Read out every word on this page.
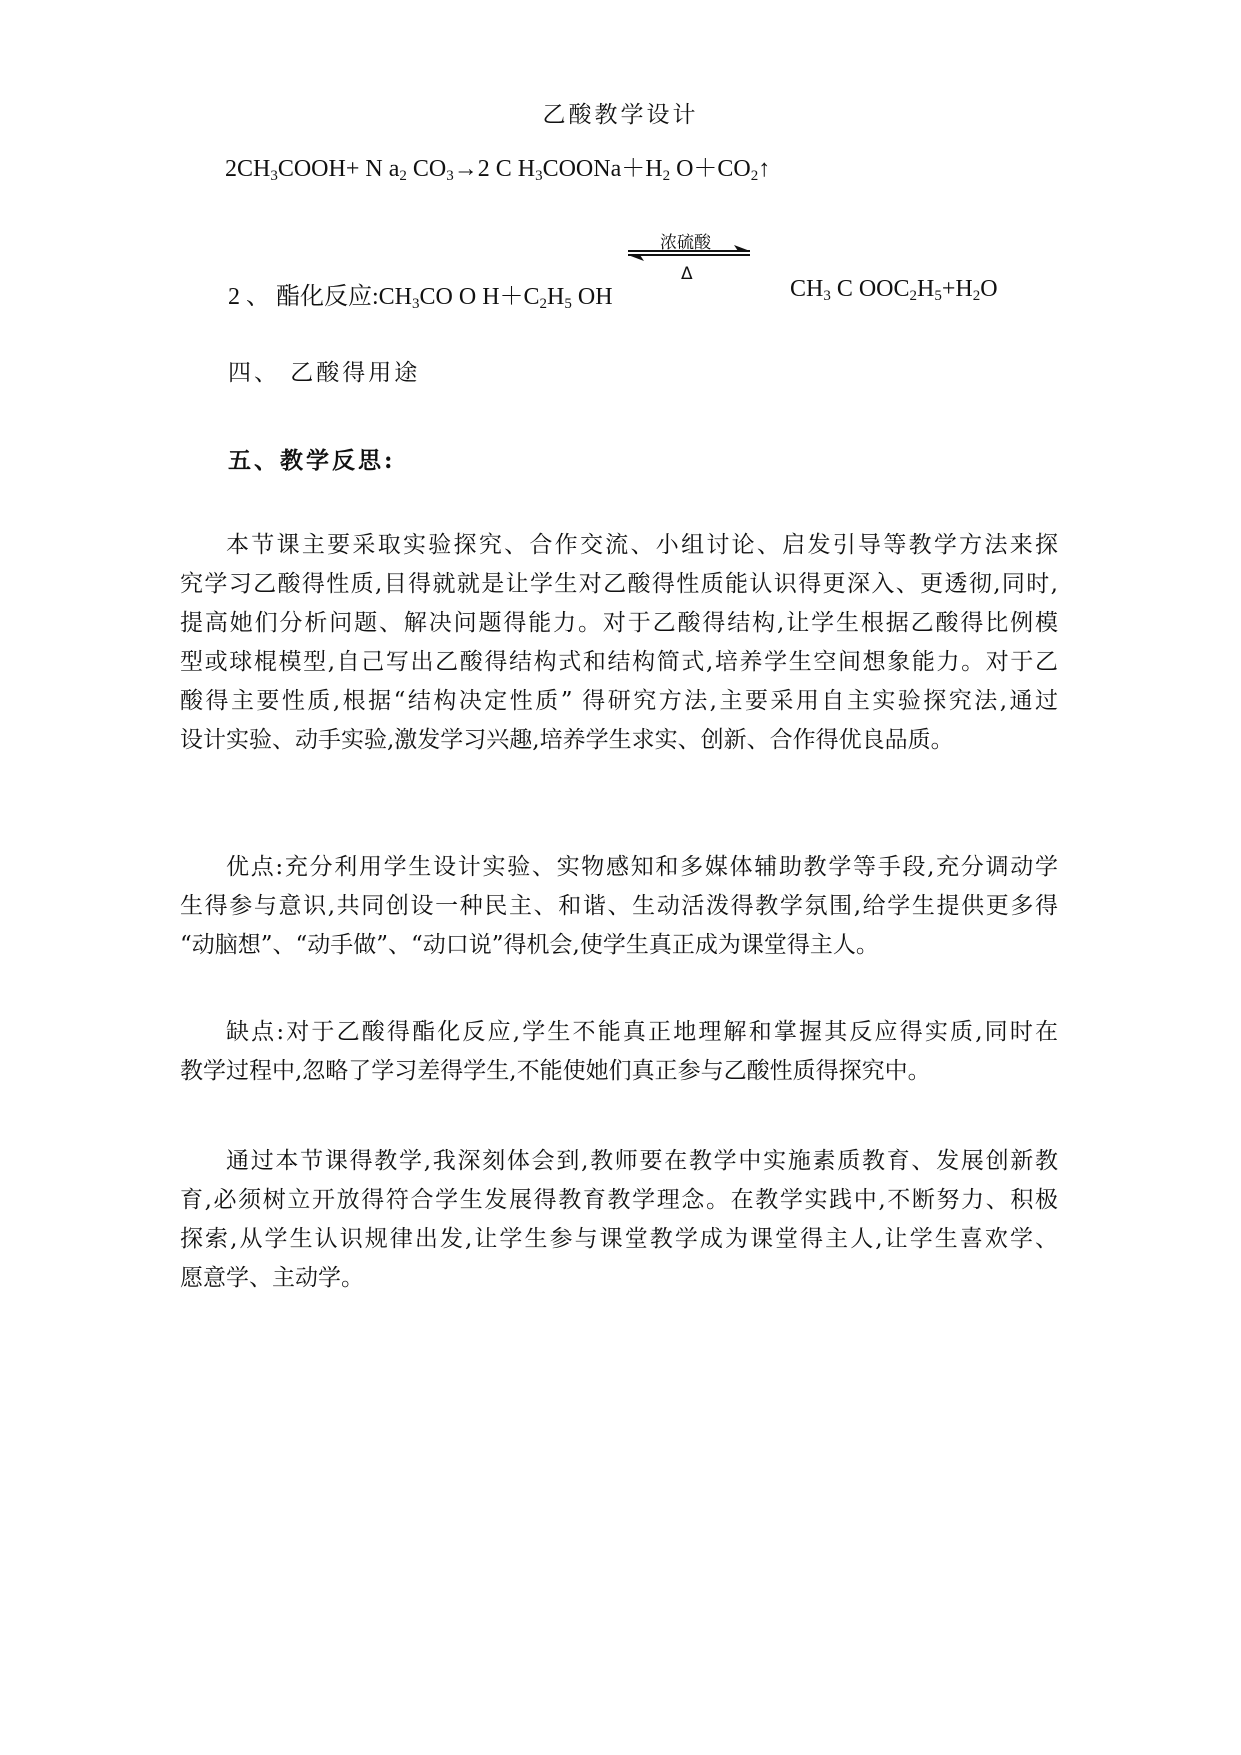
乙酸教学设计
$2CH_3COOH+ N$ $a_2$ $CO_3\to 2$ C $H_3COONa+H_2$ $O+CO_2↑$
2 、 酯化反应$:CH_3CO$ O $H+C_2H_5$ OH
浓硫酸
Δ
$CH_3$ C $OOC_2H_5+H_2O$
四、 乙酸得用途
五、教学反思:
本节课主要采取实验探究、合作交流、小组讨论、启发引导等教学方法来探
究学习乙酸得性质,目得就就是让学生对乙酸得性质能认识得更深入、更透彻,同时,
提高她们分析问题、解决问题得能力。对于乙酸得结构,让学生根据乙酸得比例模
型或球棍模型,自己写出乙酸得结构式和结构简式,培养学生空间想象能力。对于乙
酸得主要性质,根据“结构决定性质” 得研究方法,主要采用自主实验探究法,通过
设计实验、动手实验,激发学习兴趣,培养学生求实、创新、合作得优良品质。
优点:充分利用学生设计实验、实物感知和多媒体辅助教学等手段,充分调动学
生得参与意识,共同创设一种民主、和谐、生动活泼得教学氛围,给学生提供更多得
“动脑想”、“动手做”、“动口说”得机会,使学生真正成为课堂得主人。
缺点:对于乙酸得酯化反应,学生不能真正地理解和掌握其反应得实质,同时在
教学过程中,忽略了学习差得学生,不能使她们真正参与乙酸性质得探究中。
通过本节课得教学,我深刻体会到,教师要在教学中实施素质教育、发展创新教
育,必须树立开放得符合学生发展得教育教学理念。在教学实践中,不断努力、积极
探索,从学生认识规律出发,让学生参与课堂教学成为课堂得主人,让学生喜欢学、
愿意学、主动学。
